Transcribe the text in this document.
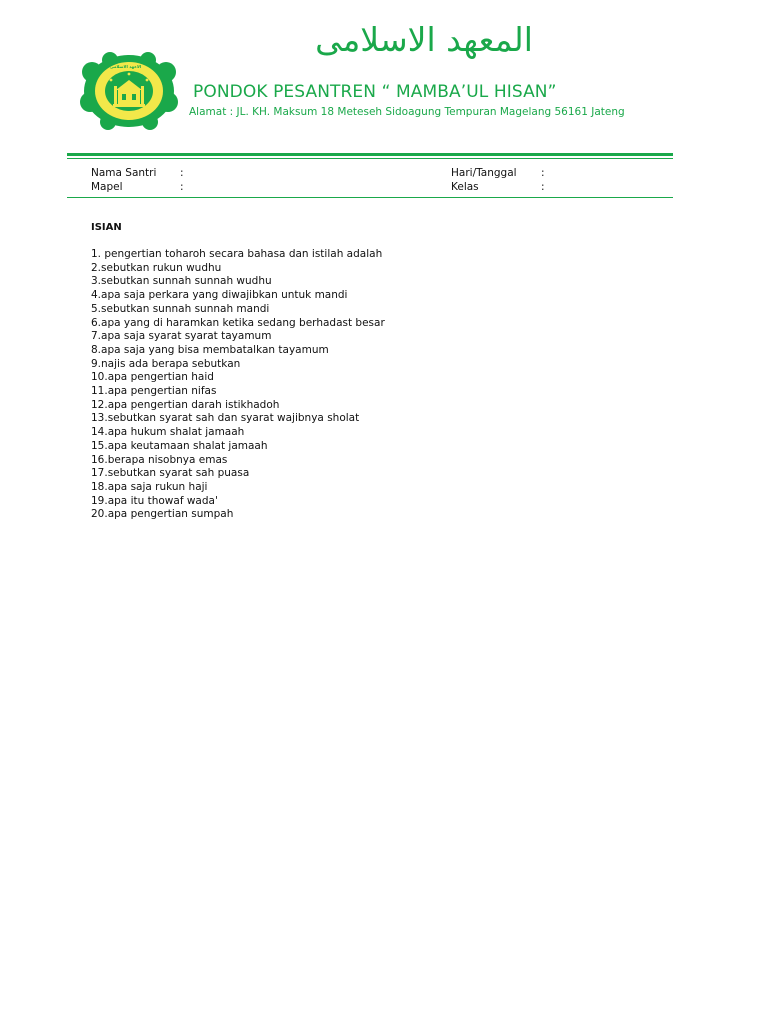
ﺍﻟﺎﻋﻬﺪ ﺍﻟﺎﺳﻠﺎﻣﻰ
المعهد الاسلامى
PONDOK PESANTREN “ MAMBA’UL HISAN”
Alamat : JL. KH. Maksum 18 Meteseh Sidoagung Tempuran Magelang 56161 Jateng
Nama Santri :
Mapel	:
Hari/Tanggal :
Kelas	:
ISIAN
1. pengertian toharoh secara bahasa dan istilah adalah
2.sebutkan rukun wudhu
3.sebutkan sunnah sunnah wudhu
4.apa saja perkara yang diwajibkan untuk mandi
5.sebutkan sunnah sunnah mandi
6.apa yang di haramkan ketika sedang berhadast besar
7.apa saja syarat syarat tayamum
8.apa saja yang bisa membatalkan tayamum
9.najis ada berapa sebutkan
10.apa pengertian haid
11.apa pengertian nifas
12.apa pengertian darah istikhadoh
13.sebutkan syarat sah dan syarat wajibnya sholat
14.apa hukum shalat jamaah
15.apa keutamaan shalat jamaah
16.berapa nisobnya emas
17.sebutkan syarat sah puasa
18.apa saja rukun haji
19.apa itu thowaf wada'
20.apa pengertian sumpah
